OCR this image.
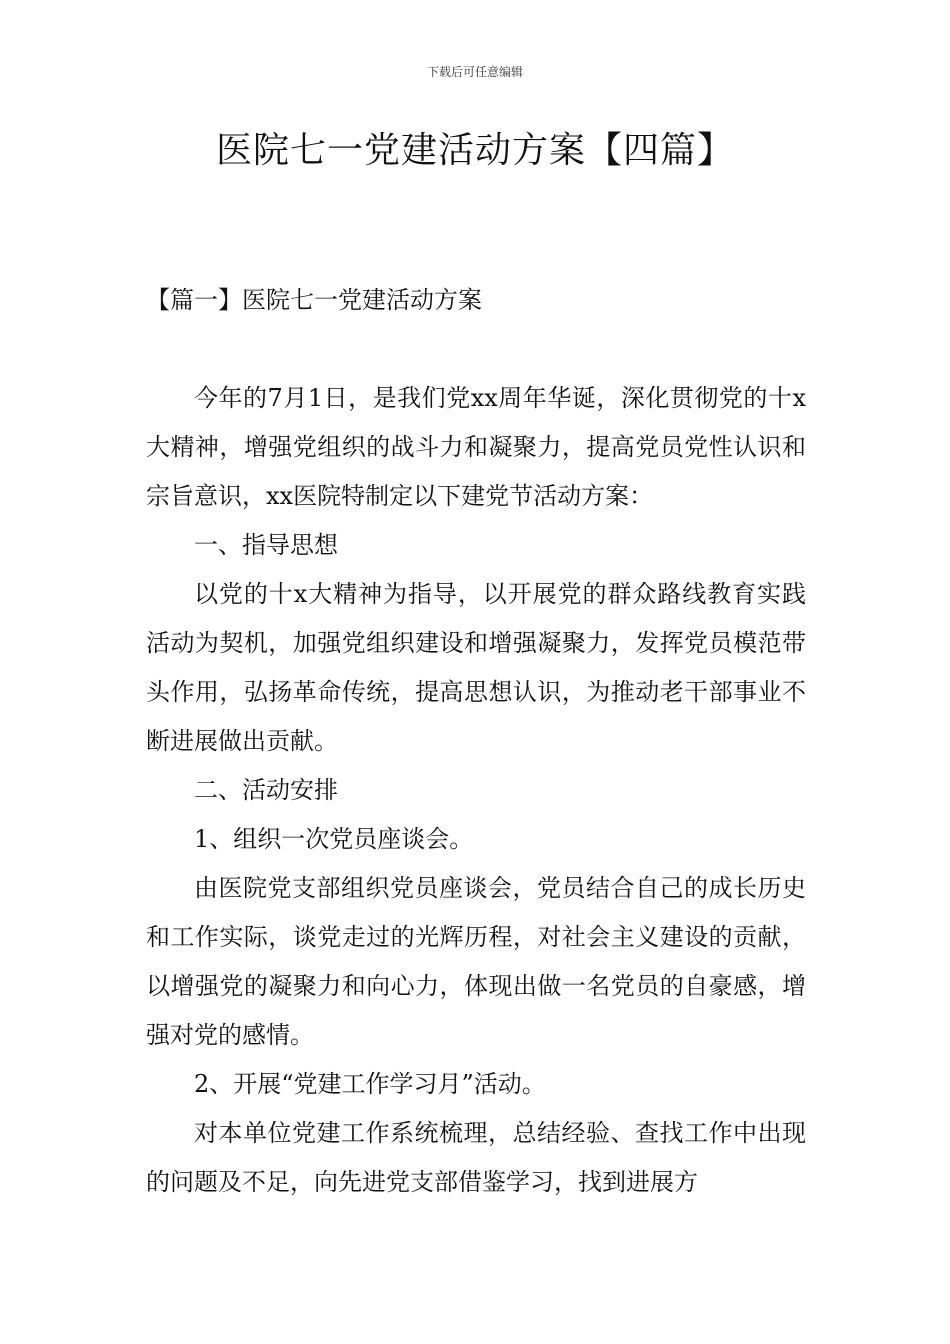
下载后可任意编辑
医院七一党建活动方案【四篇】
【篇一】医院七一党建活动方案

今年的7月1日，是我们党xx周年华诞，深化贯彻党的十x大精神，增强党组织的战斗力和凝聚力，提高党员党性认识和宗旨意识，xx医院特制定以下建党节活动方案：

一、指导思想

以党的十x大精神为指导，以开展党的群众路线教育实践活动为契机，加强党组织建设和增强凝聚力，发挥党员模范带头作用，弘扬革命传统，提高思想认识，为推动老干部事业不断进展做出贡献。

二、活动安排

1、组织一次党员座谈会。

由医院党支部组织党员座谈会，党员结合自己的成长历史和工作实际，谈党走过的光辉历程，对社会主义建设的贡献，以增强党的凝聚力和向心力，体现出做一名党员的自豪感，增强对党的感情。

2、开展“党建工作学习月”活动。

对本单位党建工作系统梳理，总结经验、查找工作中出现的问题及不足，向先进党支部借鉴学习，找到进展方
